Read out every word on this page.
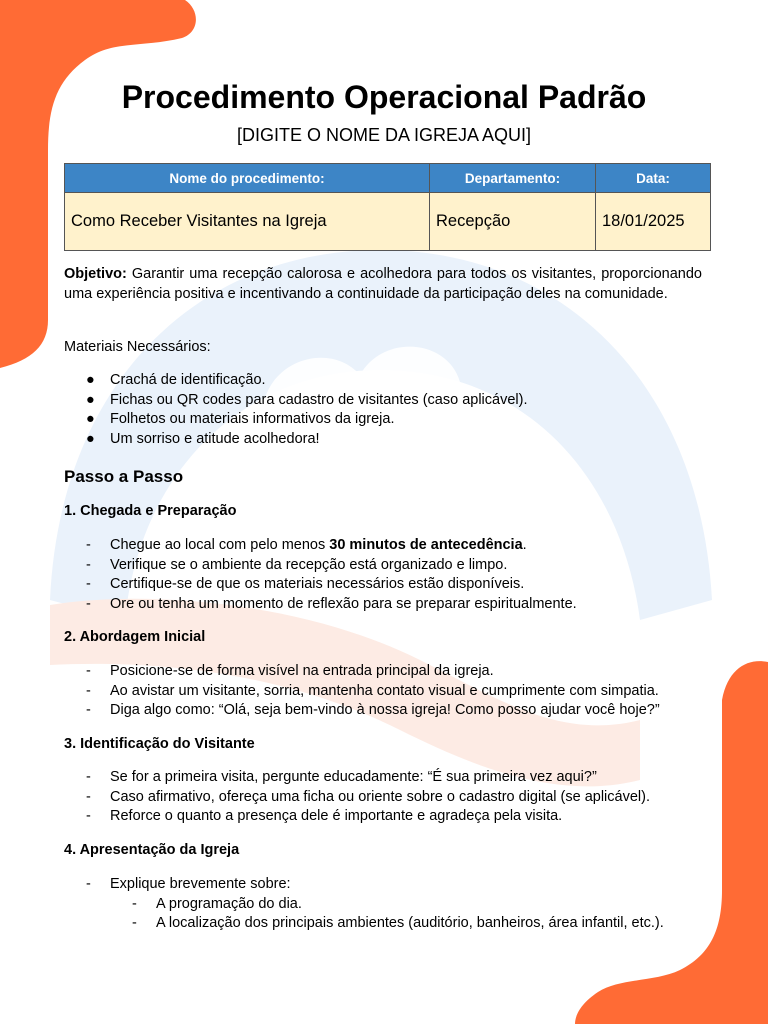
Procedimento Operacional Padrão

[DIGITE O NOME DA IGREJA AQUI]

Nome do procedimento:	Departamento:	Data:
Como Receber Visitantes na Igreja	Recepção	18/01/2025

Objetivo: Garantir uma recepção calorosa e acolhedora para todos os visitantes, proporcionando uma experiência positiva e incentivando a continuidade da participação deles na comunidade.

Materiais Necessários:

● Crachá de identificação.
● Fichas ou QR codes para cadastro de visitantes (caso aplicável).
● Folhetos ou materiais informativos da igreja.
● Um sorriso e atitude acolhedora!
Passo a Passo
1. Chegada e Preparação
- Chegue ao local com pelo menos 30 minutos de antecedência.
- Verifique se o ambiente da recepção está organizado e limpo.
- Certifique-se de que os materiais necessários estão disponíveis.
- Ore ou tenha um momento de reflexão para se preparar espiritualmente.
2. Abordagem Inicial
- Posicione-se de forma visível na entrada principal da igreja.
- Ao avistar um visitante, sorria, mantenha contato visual e cumprimente com simpatia.
- Diga algo como: “Olá, seja bem-vindo à nossa igreja! Como posso ajudar você hoje?”
3. Identificação do Visitante
- Se for a primeira visita, pergunte educadamente: “É sua primeira vez aqui?”
- Caso afirmativo, ofereça uma ficha ou oriente sobre o cadastro digital (se aplicável).
- Reforce o quanto a presença dele é importante e agradeça pela visita.
4. Apresentação da Igreja
- Explique brevemente sobre:
- A programação do dia.
- A localização dos principais ambientes (auditório, banheiros, área infantil, etc.).
